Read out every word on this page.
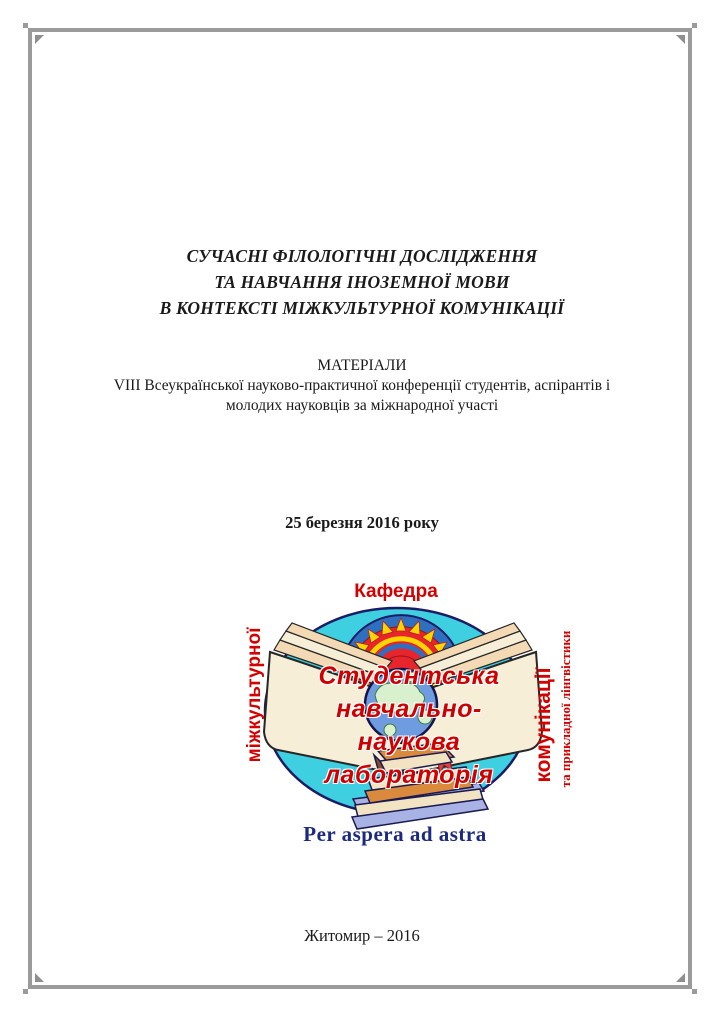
СУЧАСНІ ФІЛОЛОГІЧНІ ДОСЛІДЖЕННЯ
ТА НАВЧАННЯ ІНОЗЕМНОЇ МОВИ
В КОНТЕКСТІ МІЖКУЛЬТУРНОЇ КОМУНІКАЦІЇ
МАТЕРІАЛИ
VIII Всеукраїнської науково-практичної конференції студентів, аспірантів і
молодих науковців за міжнародної участі
25 березня 2016 року
Кафедра
Студентська
навчально-
наукова
лабораторія
міжкультурної	комунікації та прикладної лінгвістики
Per aspera ad astra
Житомир – 2016
